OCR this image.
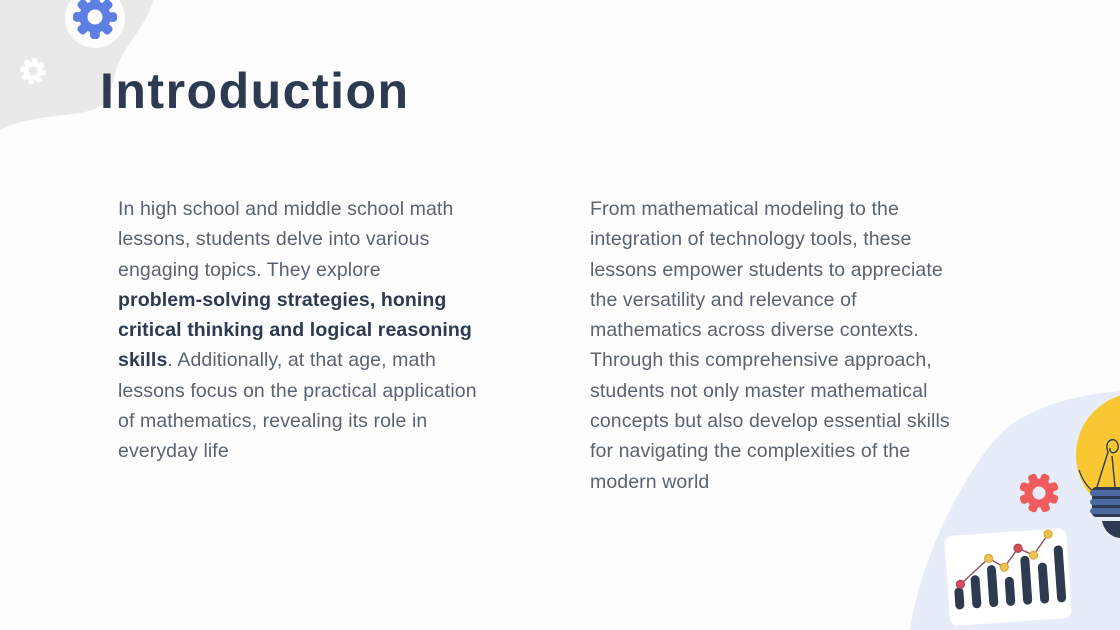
Introduction
In high school and middle school math
lessons, students delve into various
engaging topics. They explore
problem-solving strategies, honing
critical thinking and logical reasoning
skills. Additionally, at that age, math
lessons focus on the practical application
of mathematics, revealing its role in
everyday life
From mathematical modeling to the
integration of technology tools, these
lessons empower students to appreciate
the versatility and relevance of
mathematics across diverse contexts.
Through this comprehensive approach,
students not only master mathematical
concepts but also develop essential skills
for navigating the complexities of the
modern world
